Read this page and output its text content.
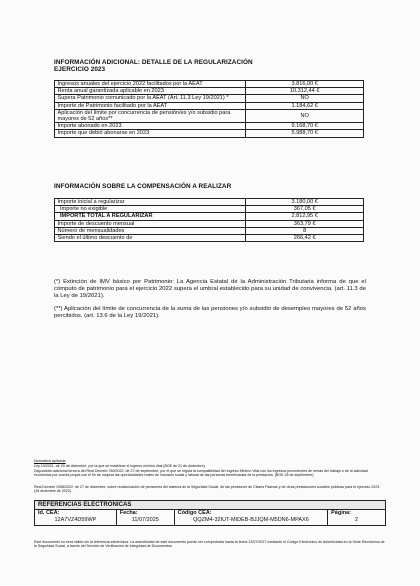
INFORMACIÓN ADICIONAL: DETALLE DE LA REGULARIZACIÓN
EJERCICIO 2023
Ingresos anuales del ejercicio 2022 facilitados por la AEAT	3.816,00 €
Renta anual garantizada aplicable en 2023	10.312,44 €
Supera Patrimonio comunicado por la AEAT (Art. 11.3 Ley 19/2021) *	NO
Importe de Patrimonio facilitado por la AEAT	1.184,62 €
Aplicación del límite por concurrencia de pensión/es y/o subsidio para mayores de 52 años**	NO
Importe abonado en 2023	9.168,70 €
Importe que debió abonarse en 2023	5.988,70 €
INFORMACIÓN SOBRE LA COMPENSACIÓN A REALIZAR
Importe inicial a regularizar	3.180,00 €
Importe no exigible	367,05 €
IMPORTE TOTAL A REGULARIZAR	2.812,95 €
Importe de descuento mensual	363,79 €
Número de mensualidades	8
Siendo el último descuento de	266,42 €
(*) Extinción de IMV básico por Patrimonio: La Agencia Estatal de la Administración Tributaria informa de que el cómputo de patrimonio para el ejercicio 2022 supera el umbral establecido para su unidad de convivencia. (art. 11.3 de la Ley de 19/2021).
(**) Aplicación del límite de concurrencia de la suma de las pensiones y/o subsidio de desempleo mayores de 52 años percibidos. (art. 13.6 de la Ley 19/2021).
Normativa aplicada
Ley 19/2021, de 20 de diciembre, por la que se establece el ingreso mínimo vital (BOE de 21 de diciembre).
Disposición adicional tercera del Real Decreto 789/2022, de 27 de septiembre, por el que se regula la compatibilidad del Ingreso Mínimo Vital con los ingresos procedentes de rentas del trabajo o de la actividad económica por cuenta propia con el fin de mejorar las oportunidades reales de inclusión social y laboral de las personas beneficiarias de la prestación. (BOE 28 de septiembre).
Real Decreto 1058/2022, de 27 de diciembre, sobre revalorización de pensiones del sistema de la Seguridad Social, de las pensiones de Clases Pasivas y de otras prestaciones sociales públicas para el ejercicio 2023. (28 diciembre de 2022).
REFERENCIAS ELECTRÓNICAS			
Id. CEA:	Fecha:	Código CEA:	Página:
12A7VZ4D59WP	11/07/2025	QQZM4-32IUT-MIDEB-BJJQM-M5DN6-MPAX6	2
Este documento no será válido sin la referencia electrónica. La autenticidad de este documento puede ser comprobada hasta la fecha 12/07/2027 mediante el Código Electrónico de Autenticidad en la Sede Electrónica de la Seguridad Social, a través del Servicio de Verificación de Integridad de Documentos.
